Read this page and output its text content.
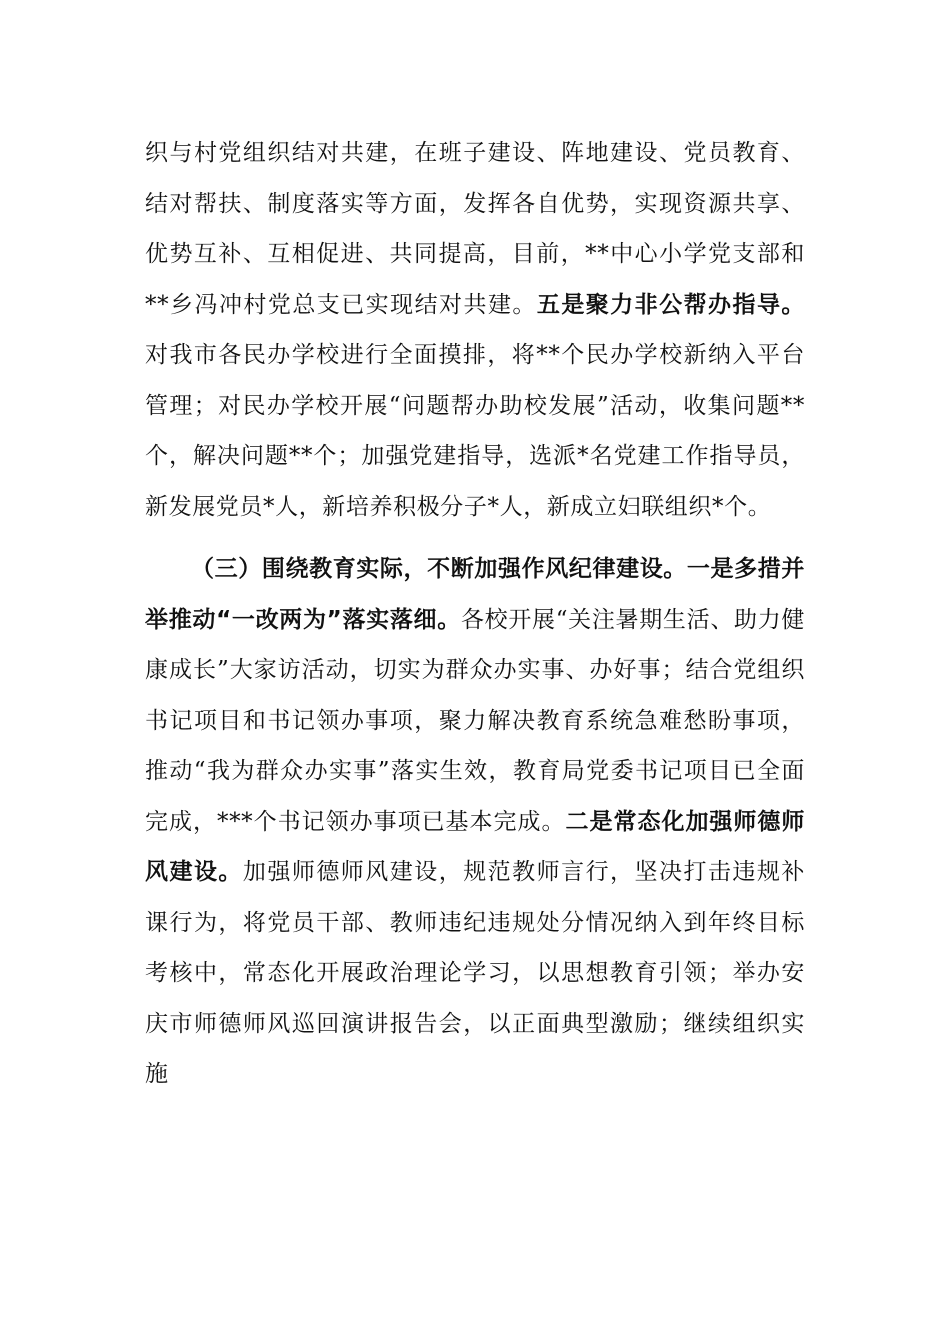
织与村党组织结对共建，在班子建设、阵地建设、党员教育、结对帮扶、制度落实等方面，发挥各自优势，实现资源共享、优势互补、互相促进、共同提高，目前，**中心小学党支部和**乡冯冲村党总支已实现结对共建。五是聚力非公帮办指导。对我市各民办学校进行全面摸排，将**个民办学校新纳入平台管理；对民办学校开展“问题帮办助校发展”活动，收集问题**个，解决问题**个；加强党建指导，选派*名党建工作指导员，新发展党员*人，新培养积极分子*人，新成立妇联组织*个。

（三）围绕教育实际，不断加强作风纪律建设。一是多措并举推动“一改两为”落实落细。各校开展“关注暑期生活、助力健康成长”大家访活动，切实为群众办实事、办好事；结合党组织书记项目和书记领办事项，聚力解决教育系统急难愁盼事项，推动“我为群众办实事”落实生效，教育局党委书记项目已全面完成，***个书记领办事项已基本完成。二是常态化加强师德师风建设。加强师德师风建设，规范教师言行，坚决打击违规补课行为，将党员干部、教师违纪违规处分情况纳入到年终目标考核中，常态化开展政治理论学习，以思想教育引领；举办安庆市师德师风巡回演讲报告会，以正面典型激励；继续组织实施
